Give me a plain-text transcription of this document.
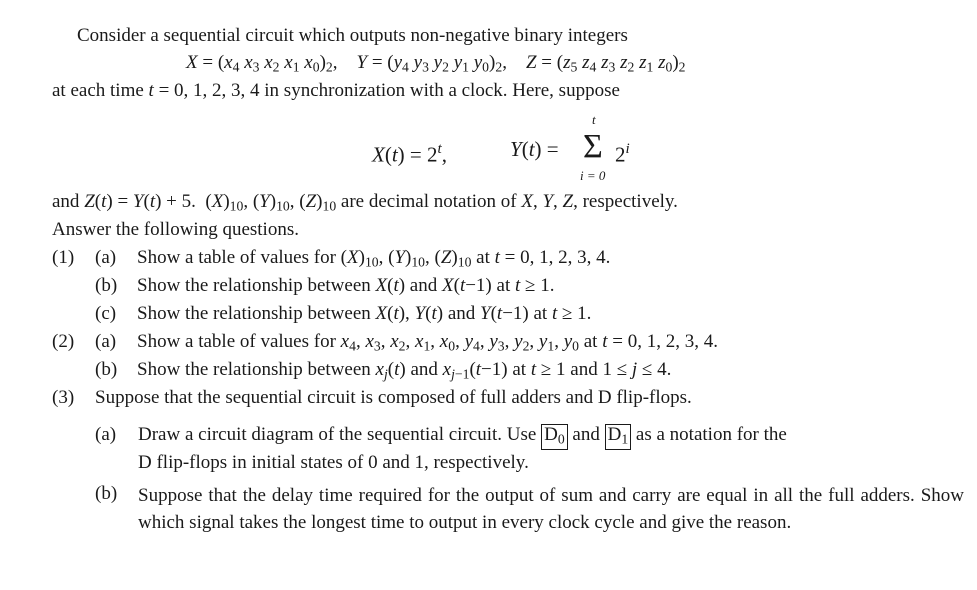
Consider a sequential circuit which outputs non-negative binary integers
$X = (x_4$ $x_3$ $x_2$ $x_1$ $x_0)_2$, $Y = (y_4$ $y_3$ $y_2$ $y_1$ $y_0)_2$, $Z = (z_5$ $z_4$ $z_3$ $z_2$ $z_1$ $z_0)_2$
at each time t = 0, 1, 2, 3, 4 in synchronization with a clock. Here, suppose
$X(t) = 2^t$,	Y(t) = Σ
t
i = 0
2$^i$
and Z(t) = Y(t) + 5.  $(X)_{10}$, $(Y)_{10}$, $(Z)_{10}$ are decimal notation of X, Y, Z, respectively.
Answer the following questions.
(1) (a) Show a table of values for $(X)_{10}$, $(Y)_{10}$, $(Z)_{10}$ at t = 0, 1, 2, 3, 4.
(b) Show the relationship between X(t) and X(t−1) at t ≥ 1.
(c) Show the relationship between X(t), Y(t) and Y(t−1) at t ≥ 1.
(2) (a) Show a table of values for $x_4$, $x_3$, $x_2$, $x_1$, $x_0$, $y_4$, $y_3$, $y_2$, $y_1$, $y_0$ at t = 0, 1, 2, 3, 4.
(b) Show the relationship between $x_j(t)$ and $x_{j-1}(t-1)$ at t ≥ 1 and 1 ≤ j ≤ 4.
(3) Suppose that the sequential circuit is composed of full adders and D flip-flops.
(a) Draw a circuit diagram of the sequential circuit. Use $D_0$ and $D_1$ as a notation for the
D flip-flops in initial states of 0 and 1, respectively.
(b) Suppose that the delay time required for the output of sum and carry are equal in all the full adders. Show which signal takes the longest time to output in every clock cycle and give the reason.
